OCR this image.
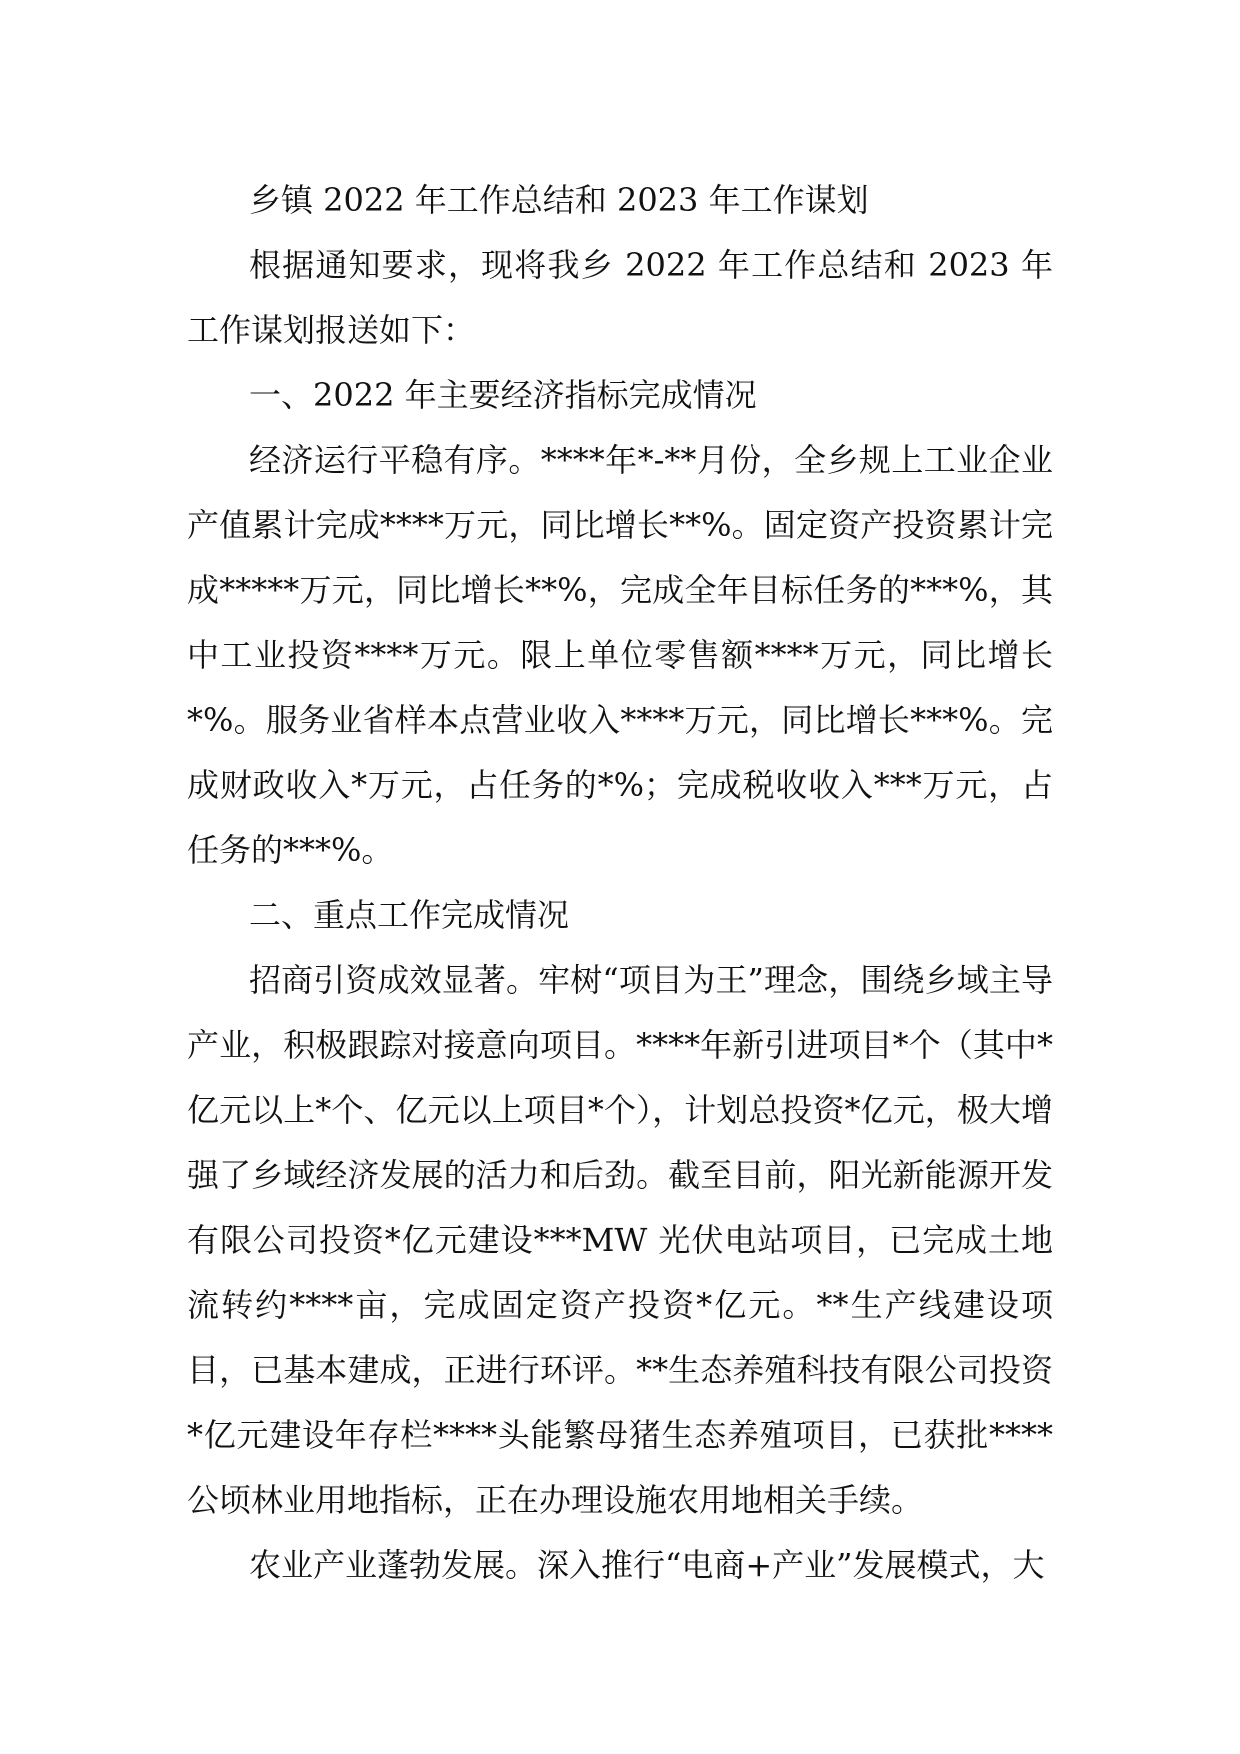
乡镇 2022 年工作总结和 2023 年工作谋划

根据通知要求，现将我乡 2022 年工作总结和 2023 年工作谋划报送如下：

一、2022 年主要经济指标完成情况

经济运行平稳有序。****年*-**月份，全乡规上工业企业产值累计完成****万元，同比增长**%。固定资产投资累计完成*****万元，同比增长**%，完成全年目标任务的***%，其中工业投资****万元。限上单位零售额****万元，同比增长*%。服务业省样本点营业收入****万元，同比增长***%。完成财政收入*万元，占任务的*%；完成税收收入***万元，占任务的***%。

二、重点工作完成情况

招商引资成效显著。牢树“项目为王”理念，围绕乡域主导产业，积极跟踪对接意向项目。****年新引进项目*个（其中*亿元以上*个、亿元以上项目*个），计划总投资*亿元，极大增强了乡域经济发展的活力和后劲。截至目前，阳光新能源开发有限公司投资*亿元建设***MW 光伏电站项目，已完成土地流转约****亩，完成固定资产投资*亿元。**生产线建设项目，已基本建成，正进行环评。**生态养殖科技有限公司投资*亿元建设年存栏****头能繁母猪生态养殖项目，已获批****公顷林业用地指标，正在办理设施农用地相关手续。

农业产业蓬勃发展。深入推行“电商+产业”发展模式，大
